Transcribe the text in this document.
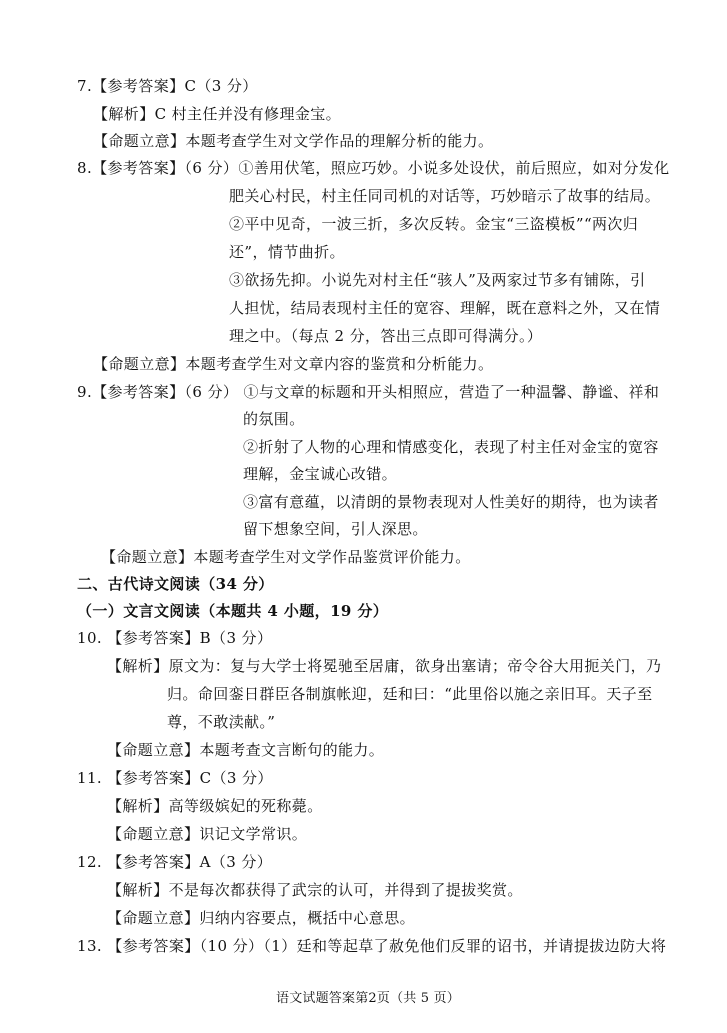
7.【参考答案】C（3 分）
【解析】C 村主任并没有修理金宝。
【命题立意】本题考查学生对文学作品的理解分析的能力。
8.【参考答案】（6 分）①善用伏笔，照应巧妙。小说多处设伏，前后照应，如对分发化
肥关心村民，村主任同司机的对话等，巧妙暗示了故事的结局。
②平中见奇，一波三折，多次反转。金宝“三盗模板”“两次归
还”，情节曲折。
③欲扬先抑。小说先对村主任“骇人”及两家过节多有铺陈，引
人担忧，结局表现村主任的宽容、理解，既在意料之外，又在情
理之中。（每点 2 分，答出三点即可得满分。）
【命题立意】本题考查学生对文章内容的鉴赏和分析能力。
9.【参考答案】（6 分） ①与文章的标题和开头相照应，营造了一种温馨、静谧、祥和
的氛围。
②折射了人物的心理和情感变化，表现了村主任对金宝的宽容
理解，金宝诚心改错。
③富有意蕴，以清朗的景物表现对人性美好的期待，也为读者
留下想象空间，引人深思。
【命题立意】本题考查学生对文学作品鉴赏评价能力。
二、古代诗文阅读（34 分）
（一）文言文阅读（本题共 4 小题，19 分）
10. 【参考答案】B（3 分）
【解析】原文为：复与大学士将冕驰至居庸，欲身出塞请；帝令谷大用扼关门，乃
归。命回銮日群臣各制旗帐迎，廷和曰：“此里俗以施之亲旧耳。天子至
尊，不敢渎献。”
【命题立意】本题考查文言断句的能力。
11. 【参考答案】C（3 分）
【解析】高等级嫔妃的死称薨。
【命题立意】识记文学常识。
12. 【参考答案】A（3 分）
【解析】不是每次都获得了武宗的认可，并得到了提拔奖赏。
【命题立意】归纳内容要点，概括中心意思。
13. 【参考答案】（10 分）（1）廷和等起草了赦免他们反罪的诏书，并请提拔边防大将
语文试题答案第2页（共 5 页）
